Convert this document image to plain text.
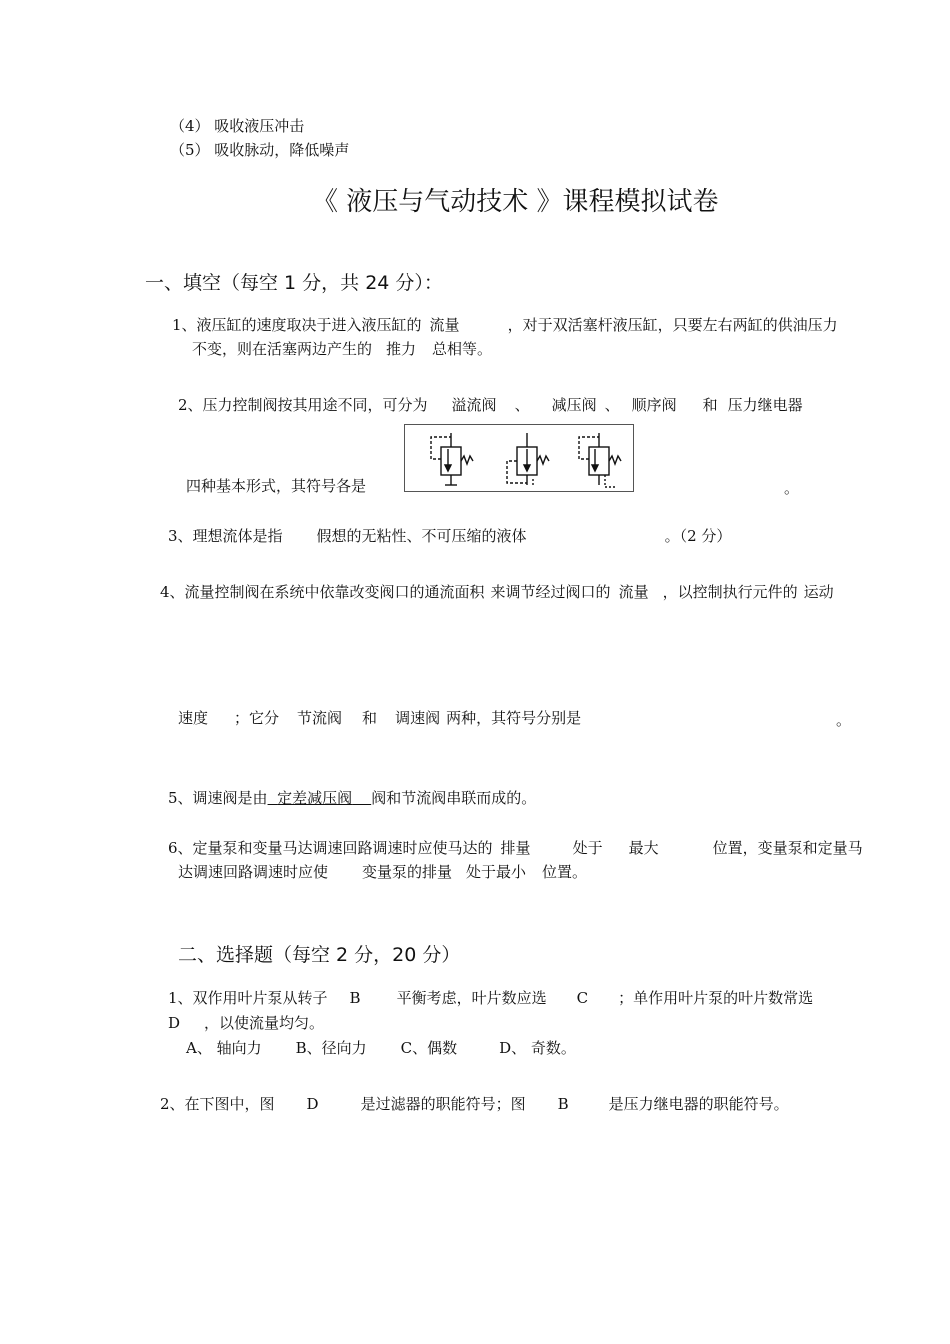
（4） 吸收液压冲击
（5） 吸收脉动，降低噪声
《 液压与气动技术 》课程模拟试卷
一、填空（每空 1 分，共 24 分）：
1、液压缸的速度取决于进入液压缸的 流量	，对于双活塞杆液压缸，只要左右两缸的供油压力
不变，则在活塞两边产生的 推力 总相等。
2、压力控制阀按其用途不同，可分为 溢流阀 、 减压阀 、 顺序阀 和 压力继电器
四种基本形式，其符号各是	。
3、理想流体是指 假想的无粘性、不可压缩的液体	。（2 分）
4、流量控制阀在系统中依靠改变阀口的通流面积 来调节经过阀口的 流量 ，以控制执行元件的 运动
速度 ；它分 节流阀 和 调速阀 两种，其符号分别是	。
5、调速阀是由 定差减压阀 阀和节流阀串联而成的。
6、定量泵和变量马达调速回路调速时应使马达的 排量	处于 最大	位置，变量泵和定量马
达调速回路调速时应使 变量泵的排量 处于最小 位置。
二、选择题（每空 2 分，20 分）
1、双作用叶片泵从转子 B 平衡考虑，叶片数应选 C ；单作用叶片泵的叶片数常选
D ，以使流量均匀。
A、 轴向力 B、径向力 C、偶数	D、 奇数。
2、在下图中，图 D	是过滤器的职能符号；图 B	是压力继电器的职能符号。
